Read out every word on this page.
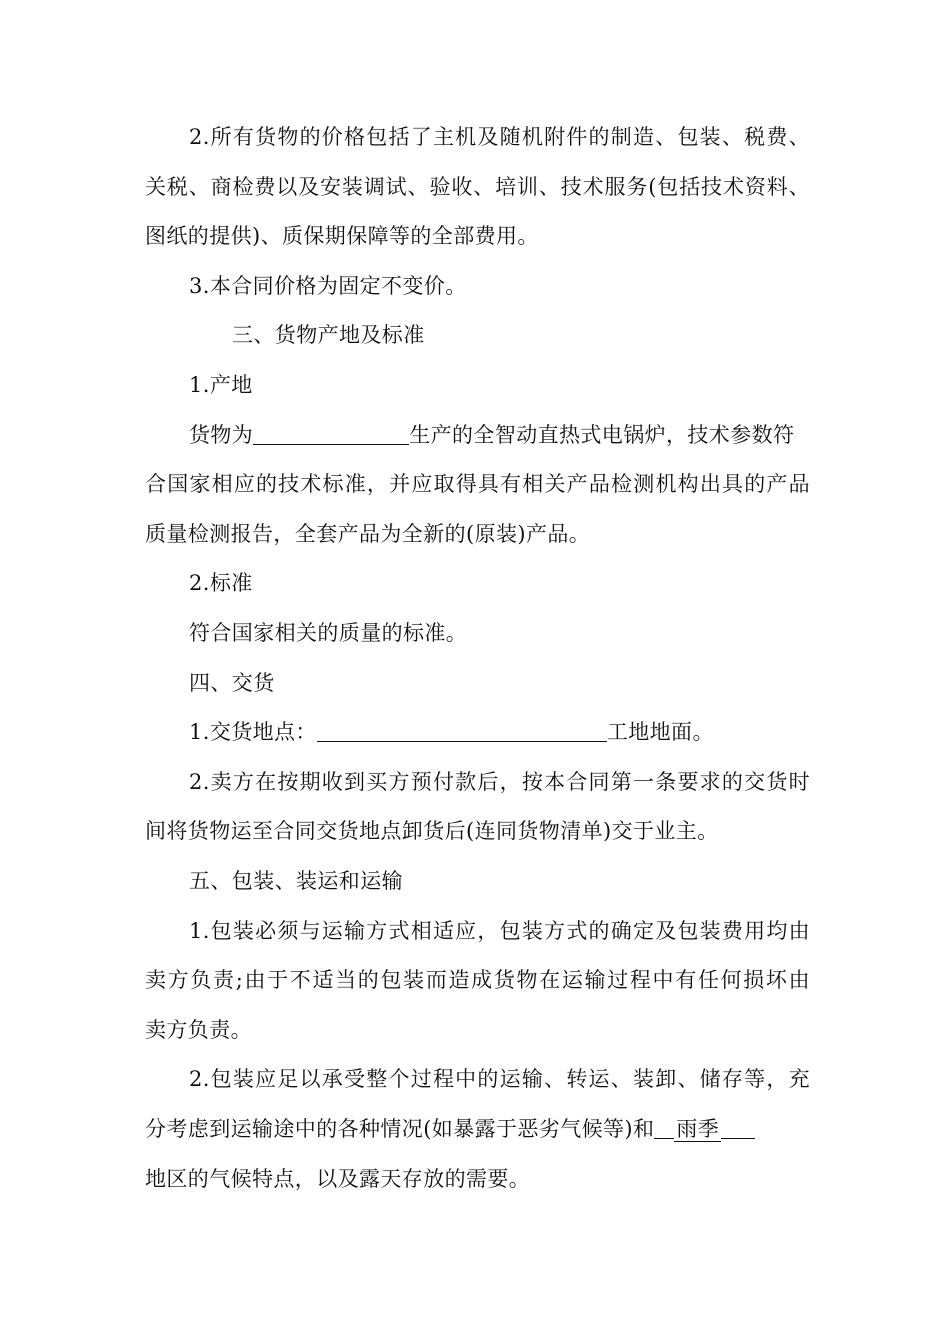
2.所有货物的价格包括了主机及随机附件的制造、包装、税费、
关税、商检费以及安装调试、验收、培训、技术服务(包括技术资料、
图纸的提供)、质保期保障等的全部费用。
3.本合同价格为固定不变价。
三、货物产地及标准
1.产地
货物为	生产的全智动直热式电锅炉，技术参数符
合国家相应的技术标准，并应取得具有相关产品检测机构出具的产品
质量检测报告，全套产品为全新的(原装)产品。
2.标准
符合国家相关的质量的标准。
四、交货
1.交货地点：	工地地面。
2.卖方在按期收到买方预付款后，按本合同第一条要求的交货时
间将货物运至合同交货地点卸货后(连同货物清单)交于业主。
五、包装、装运和运输
1.包装必须与运输方式相适应，包装方式的确定及包装费用均由
卖方负责;由于不适当的包装而造成货物在运输过程中有任何损坏由
卖方负责。
2.包装应足以承受整个过程中的运输、转运、装卸、储存等，充
分考虑到运输途中的各种情况(如暴露于恶劣气候等)和 雨季
地区的气候特点，以及露天存放的需要。
